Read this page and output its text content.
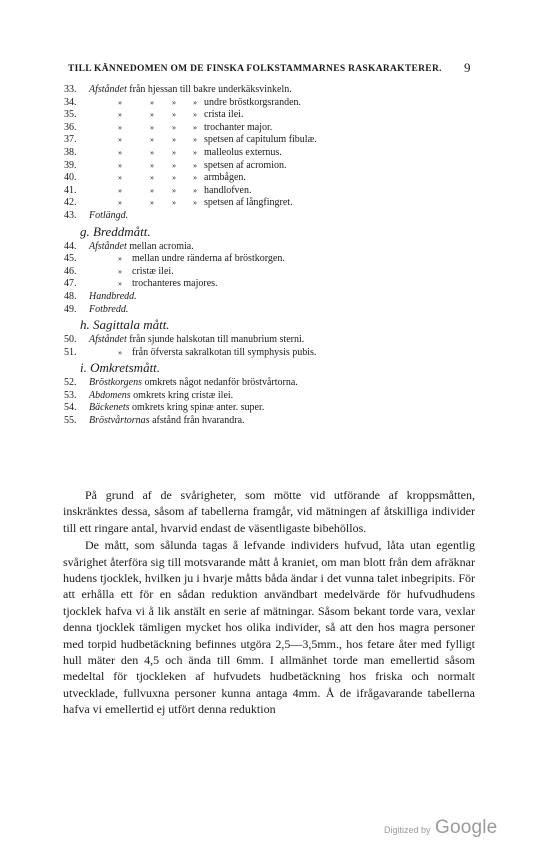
TILL KÄNNEDOMEN OM DE FINSKA FOLKSTAMMARNES RASKARAKTERER.	9
33.	Afståndet från hjessan till bakre underkäksvinkeln.
34.	»	» » » undre bröstkorgsranden.
35.	»	» » » crista ilei.
36.	»	» » » trochanter major.
37.	»	» » » spetsen af capitulum fibulæ.
38.	»	» » » malleolus externus.
39.	»	» » » spetsen af acromion.
40.	»	» » » armbågen.
41.	»	» » » handlofven.
42.	»	» » » spetsen af långfingret.
43.	Fotlängd.
g. Breddmått.
44.	Afståndet mellan acromia.
45.	» mellan undre ränderna af bröstkorgen.
46.	» cristæ ilei.
47.	» trochanteres majores.
48.	Handbredd.
49.	Fotbredd.
h. Sagittala mått.
50.	Afståndet från sjunde halskotan till manubrium sterni.
51.	» från öfversta sakralkotan till symphysis pubis.
i. Omkretsmått.
52.	Bröstkorgens omkrets något nedanför bröstvårtorna.
53.	Abdomens omkrets kring cristæ ilei.
54.	Bäckenets omkrets kring spinæ anter. super.
55.	Bröstvårtornas afstånd från hvarandra.

På grund af de svårigheter, som mötte vid utförande af kroppsmåtten, inskränktes dessa, såsom af tabellerna framgår, vid mätningen af åtskilliga individer till ett ringare antal, hvarvid endast de väsentligaste bibehöllos.

De mått, som sålunda tagas å lefvande individers hufvud, låta utan egentlig svårighet återföra sig till motsvarande mått å kraniet, om man blott från dem afräknar hudens tjocklek, hvilken ju i hvarje måtts båda ändar i det vunna talet inbegripits. För att erhålla ett för en sådan reduktion användbart medelvärde för hufvudhudens tjocklek hafva vi å lik anstält en serie af mätningar. Såsom bekant torde vara, vexlar denna tjocklek tämligen mycket hos olika individer, så att den hos magra personer med torpid hudbetäckning befinnes utgöra 2,5—3,5mm., hos fetare åter med fylligt hull mäter den 4,5 och ända till 6mm. I allmänhet torde man emellertid såsom medeltal för tjockleken af hufvudets hudbetäckning hos friska och normalt utvecklade, fullvuxna personer kunna antaga 4mm. Å de ifrågavarande tabellerna hafva vi emellertid ej utfört denna reduktion

Digitized by Google
